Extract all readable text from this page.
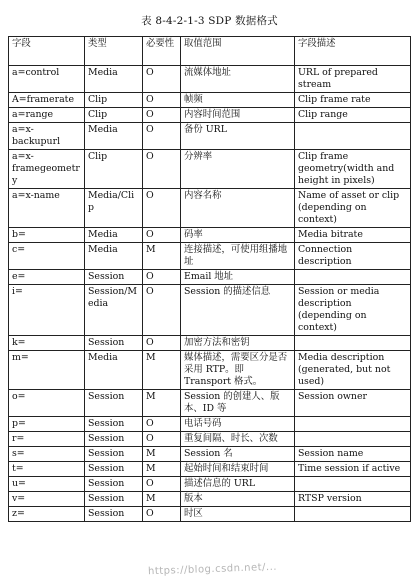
表 8-4-2-1-3 SDP 数据格式
字段	类型	必要性	取值范围	字段描述
a=control	Media	O	流媒体地址	URL of prepared stream
A=framerate	Clip	O	帧频	Clip frame rate
a=range	Clip	O	内容时间范围	Clip range
a=x-backupurl	Media	O	备份 URL	
a=x-framegeometry	Clip	O	分辨率	Clip frame geometry(width and height in pixels)
a=x-name	Media/Clip	O	内容名称	Name of asset or clip (depending on context)
b=	Media	O	码率	Media bitrate
c=	Media	M	连接描述，可使用组播地址	Connection description
e=	Session	O	Email 地址	
i=	Session/Media	O	Session 的描述信息	Session or media description (depending on context)
k=	Session	O	加密方法和密钥	
m=	Media	M	媒体描述，需要区分是否采用 RTP。即 Transport 格式。	Media description (generated, but not used)
o=	Session	M	Session 的创建人、版本、ID 等	Session owner
p=	Session	O	电话号码	
r=	Session	O	重复间隔、时长、次数	
s=	Session	M	Session 名	Session name
t=	Session	M	起始时间和结束时间	Time session if active
u=	Session	O	描述信息的 URL	
v=	Session	M	版本	RTSP version
z=	Session	O	时区	
https://blog.csdn.net/...
